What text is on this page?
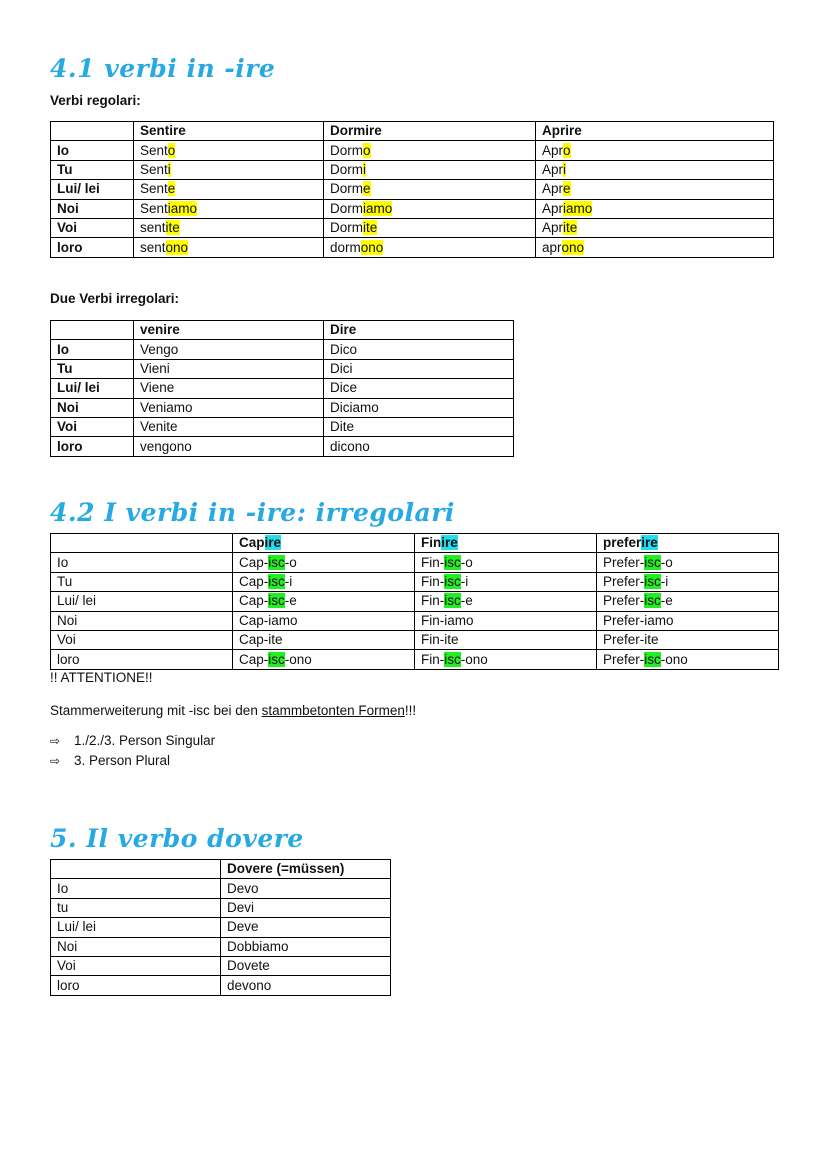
4.1 verbi in -ire

Verbi regolari:

	Sentire	Dormire	Aprire
Io	Sento	Dormo	Apro
Tu	Senti	Dormi	Apri
Lui/ lei	Sente	Dorme	Apre
Noi	Sentiamo	Dormiamo	Apriamo
Voi	sentite	Dormite	Aprite
loro	sentono	dormono	aprono

Due Verbi irregolari:

	venire	Dire
Io	Vengo	Dico
Tu	Vieni	Dici
Lui/ lei	Viene	Dice
Noi	Veniamo	Diciamo
Voi	Venite	Dite
loro	vengono	dicono
4.2 I verbi in -ire: irregolari
	Capire	Finire	preferire
Io	Cap-isc-o	Fin-isc-o	Prefer-isc-o
Tu	Cap-isc-i	Fin-isc-i	Prefer-isc-i
Lui/ lei	Cap-isc-e	Fin-isc-e	Prefer-isc-e
Noi	Cap-iamo	Fin-iamo	Prefer-iamo
Voi	Cap-ite	Fin-ite	Prefer-ite
loro	Cap-isc-ono	Fin-isc-ono	Prefer-isc-ono

!! ATTENTIONE!!

Stammerweiterung mit -isc bei den stammbetonten Formen!!!

⇨ 1./2./3. Person Singular

⇨ 3. Person Plural

5. Il verbo dovere
	Dovere (=müssen)
Io	Devo
tu	Devi
Lui/ lei	Deve
Noi	Dobbiamo
Voi	Dovete
loro	devono
